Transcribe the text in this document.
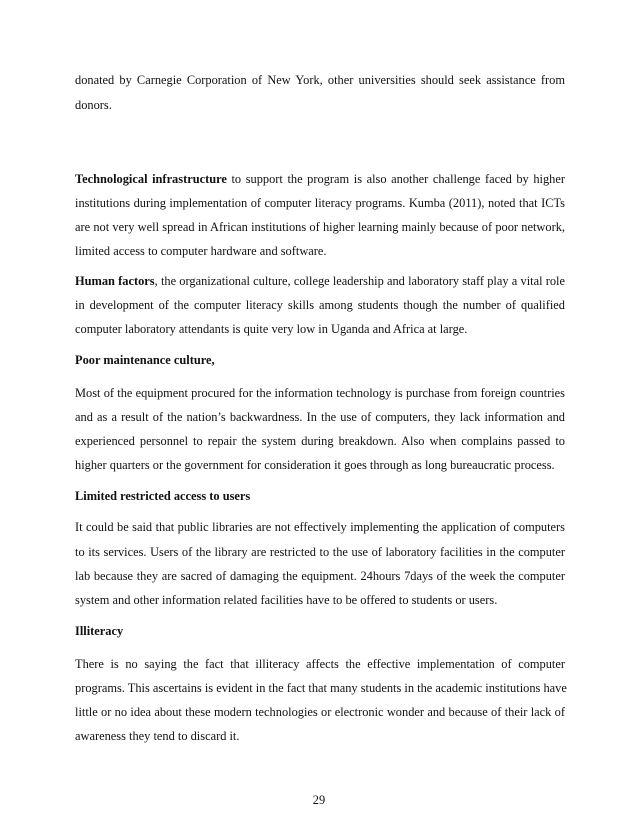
donated by Carnegie Corporation of New York, other universities should seek assistance from
donors.
Technological infrastructure to support the program is also another challenge faced by higher
institutions during implementation of computer literacy programs. Kumba (2011), noted that ICTs
are not very well spread in African institutions of higher learning mainly because of poor network,
limited access to computer hardware and software.
Human factors, the organizational culture, college leadership and laboratory staff play a vital role
in development of the computer literacy skills among students though the number of qualified
computer laboratory attendants is quite very low in Uganda and Africa at large.
Poor maintenance culture,
Most of the equipment procured for the information technology is purchase from foreign countries
and as a result of the nation’s backwardness. In the use of computers, they lack information and
experienced personnel to repair the system during breakdown. Also when complains passed to
higher quarters or the government for consideration it goes through as long bureaucratic process.
Limited restricted access to users
It could be said that public libraries are not effectively implementing the application of computers
to its services. Users of the library are restricted to the use of laboratory facilities in the computer
lab because they are sacred of damaging the equipment. 24hours 7days of the week the computer
system and other information related facilities have to be offered to students or users.
Illiteracy
There is no saying the fact that illiteracy affects the effective implementation of computer
programs. This ascertains is evident in the fact that many students in the academic institutions have
little or no idea about these modern technologies or electronic wonder and because of their lack of
awareness they tend to discard it.
29
